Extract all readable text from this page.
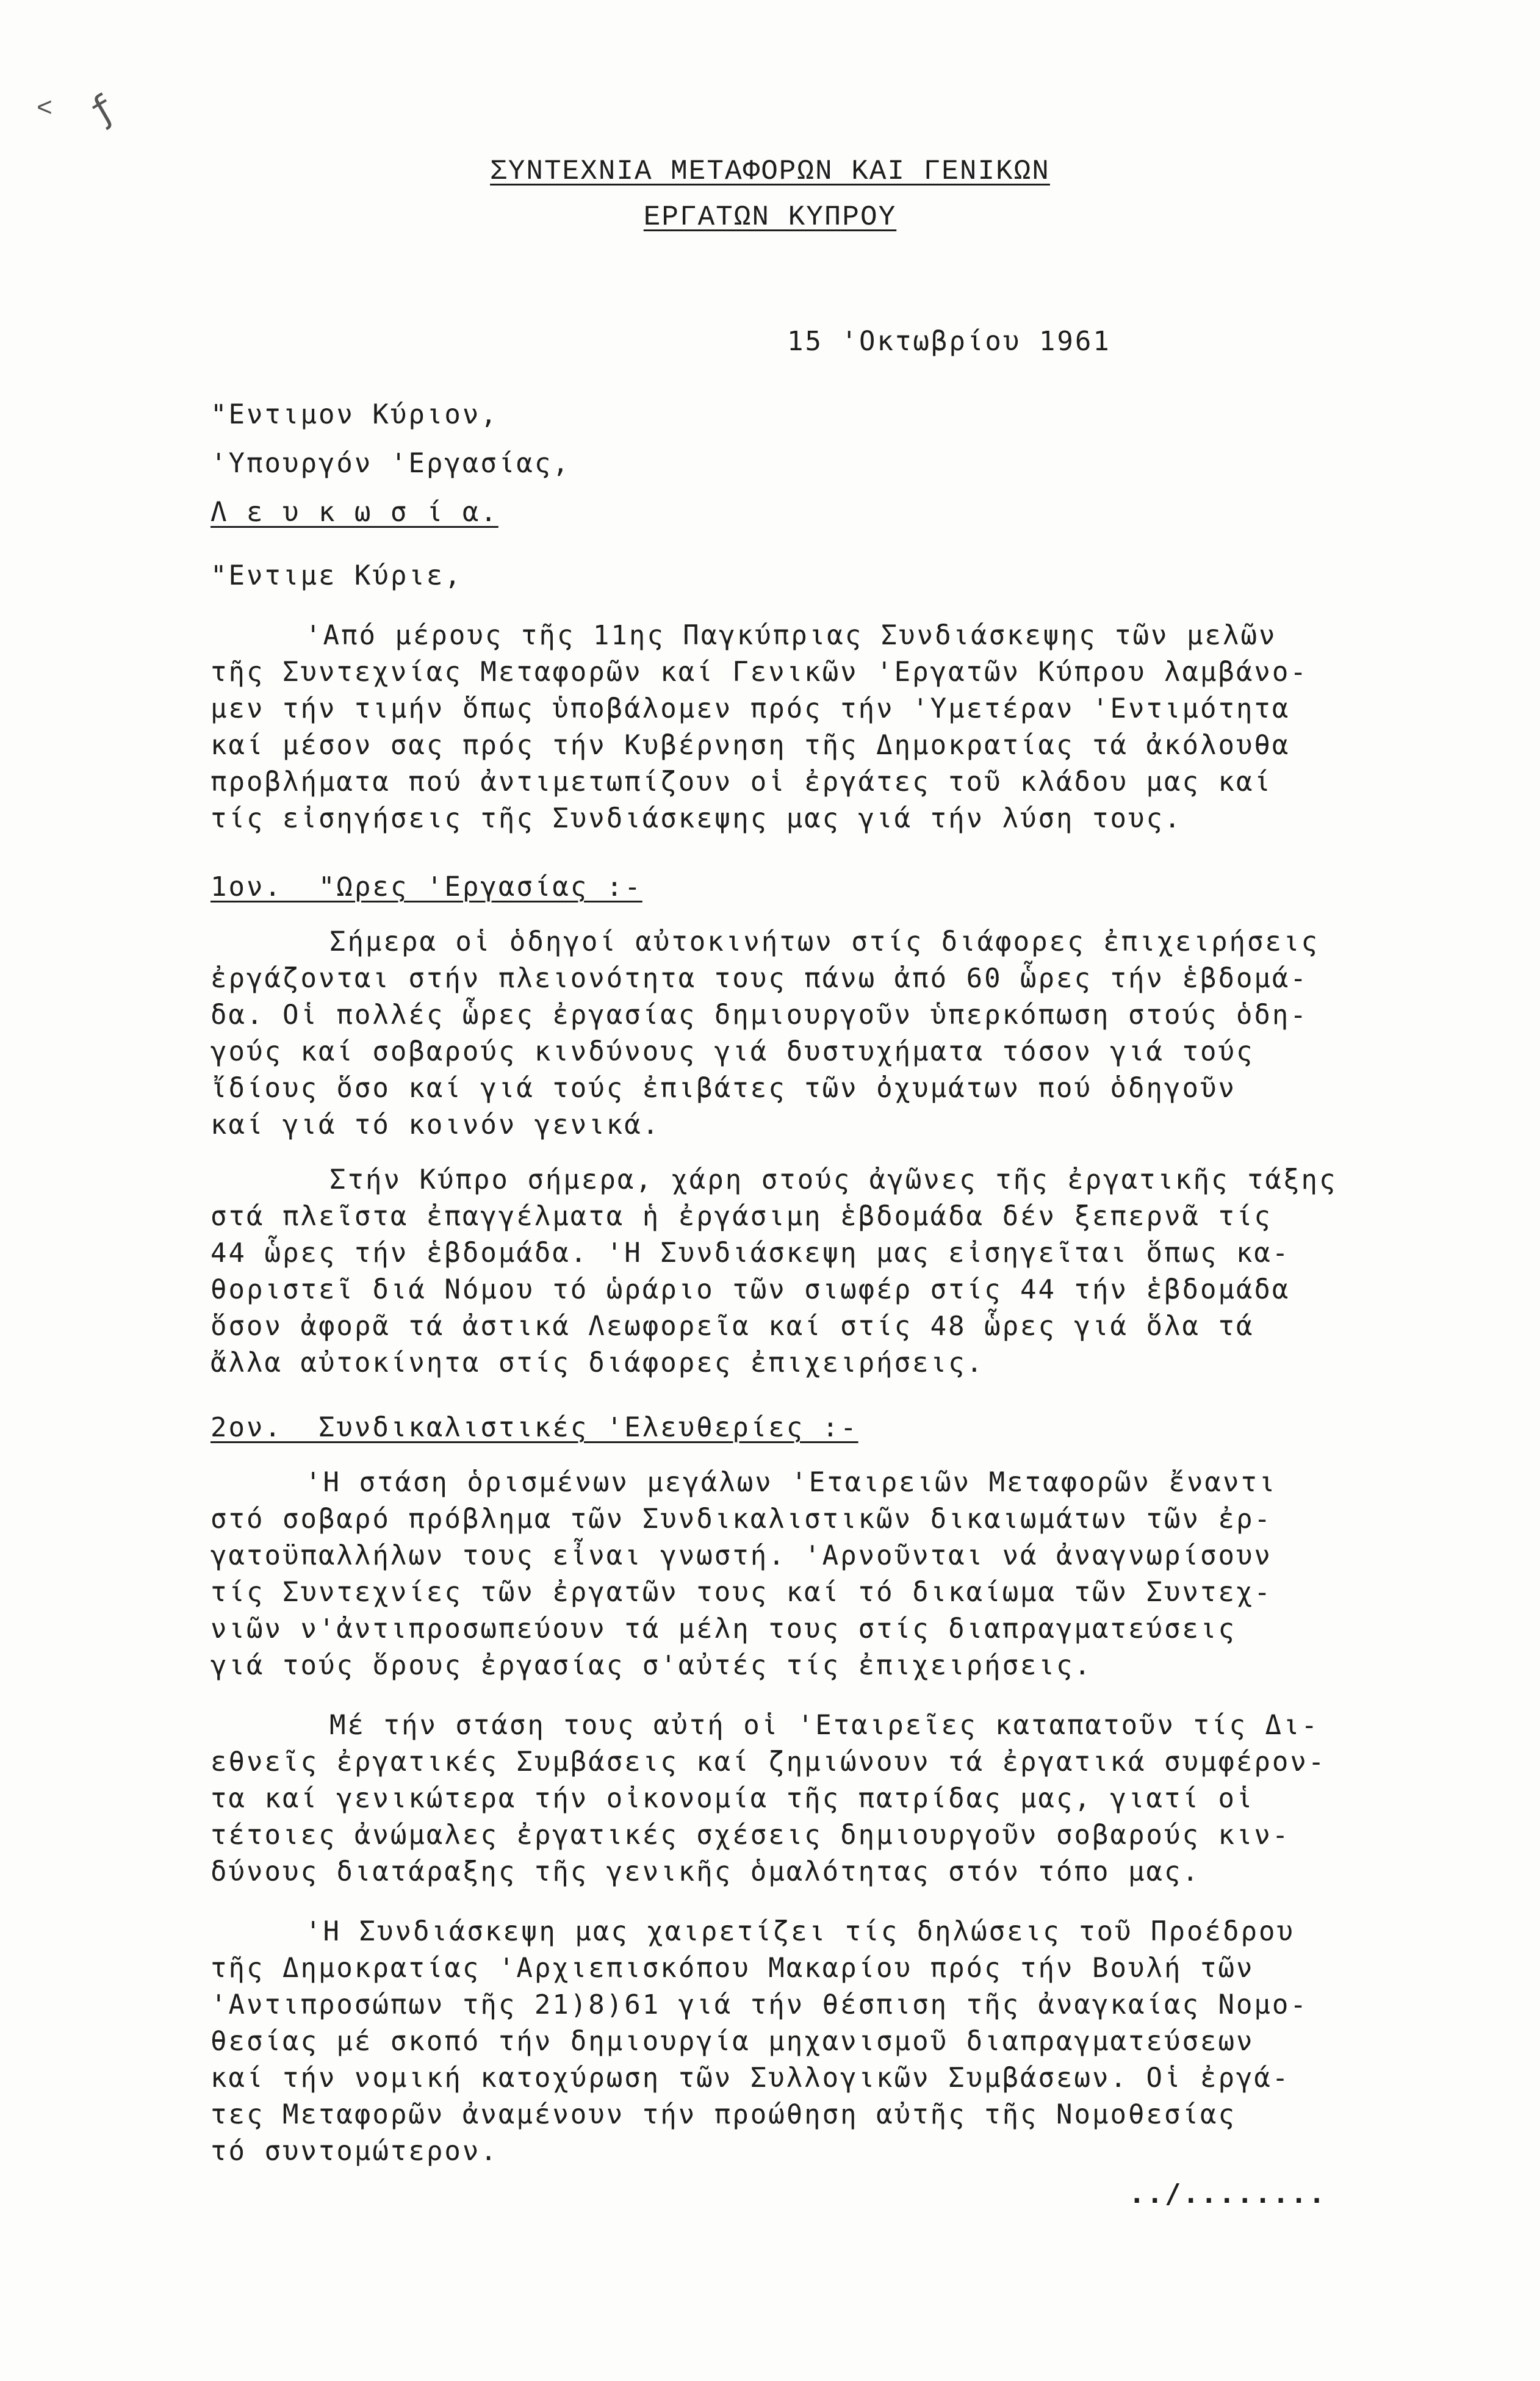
˂ ƒ
ΣΥΝΤΕΧΝΙΑ ΜΕΤΑΦΟΡΩΝ ΚΑΙ ΓΕΝΙΚΩΝ
ΕΡΓΑΤΩΝ ΚΥΠΡΟΥ
15 'Οκτωβρίου 1961
"Εντιμον Κύριον,
'Υπουργόν 'Εργασίας,
Λ ε υ κ ω σ ί α.
"Εντιμε Κύριε,
'Από μέρους τῆς 11ης Παγκύπριας Συνδιάσκεψης τῶν μελῶν
τῆς Συντεχνίας Μεταφορῶν καί Γενικῶν 'Εργατῶν Κύπρου λαμβάνο-
μεν τήν τιμήν ὅπως ὑποβάλομεν πρός τήν 'Υμετέραν 'Εντιμότητα
καί μέσον σας πρός τήν Κυβέρνηση τῆς Δημοκρατίας τά ἀκόλουθα
προβλήματα πού ἀντιμετωπίζουν οἱ ἐργάτες τοῦ κλάδου μας καί
τίς εἰσηγήσεις τῆς Συνδιάσκεψης μας γιά τήν λύση τους.
1ον.  "Ωρες 'Εργασίας :-
Σήμερα οἱ ὁδηγοί αὐτοκινήτων στίς διάφορες ἐπιχειρήσεις
ἐργάζονται στήν πλειονότητα τους πάνω ἀπό 60 ὧρες τήν ἑβδομά-
δα. Οἱ πολλές ὧρες ἐργασίας δημιουργοῦν ὑπερκόπωση στούς ὁδη-
γούς καί σοβαρούς κινδύνους γιά δυστυχήματα τόσον γιά τούς
ἴδίους ὅσο καί γιά τούς ἐπιβάτες τῶν ὀχυμάτων πού ὁδηγοῦν
καί γιά τό κοινόν γενικά.
Στήν Κύπρο σήμερα, χάρη στούς ἀγῶνες τῆς ἐργατικῆς τάξης
στά πλεῖστα ἐπαγγέλματα ἡ ἐργάσιμη ἑβδομάδα δέν ξεπερνᾶ τίς
44 ὧρες τήν ἑβδομάδα. 'Η Συνδιάσκεψη μας εἰσηγεῖται ὅπως κα-
θοριστεῖ διά Νόμου τό ὡράριο τῶν σιωφέρ στίς 44 τήν ἑβδομάδα
ὅσον ἀφορᾶ τά ἀστικά Λεωφορεῖα καί στίς 48 ὧρες γιά ὅλα τά
ἄλλα αὐτοκίνητα στίς διάφορες ἐπιχειρήσεις.
2ον.  Συνδικαλιστικές 'Ελευθερίες :-
'Η στάση ὁρισμένων μεγάλων 'Εταιρειῶν Μεταφορῶν ἔναντι
στό σοβαρό πρόβλημα τῶν Συνδικαλιστικῶν δικαιωμάτων τῶν ἐρ-
γατοϋπαλλήλων τους εἶναι γνωστή. 'Αρνοῦνται νά ἀναγνωρίσουν
τίς Συντεχνίες τῶν ἐργατῶν τους καί τό δικαίωμα τῶν Συντεχ-
νιῶν ν'ἀντιπροσωπεύουν τά μέλη τους στίς διαπραγματεύσεις
γιά τούς ὅρους ἐργασίας σ'αὐτές τίς ἐπιχειρήσεις.
Μέ τήν στάση τους αὐτή οἱ 'Εταιρεῖες καταπατοῦν τίς Δι-
εθνεῖς ἐργατικές Συμβάσεις καί ζημιώνουν τά ἐργατικά συμφέρον-
τα καί γενικώτερα τήν οἰκονομία τῆς πατρίδας μας, γιατί οἱ
τέτοιες ἀνώμαλες ἐργατικές σχέσεις δημιουργοῦν σοβαρούς κιν-
δύνους διατάραξης τῆς γενικῆς ὁμαλότητας στόν τόπο μας.
'Η Συνδιάσκεψη μας χαιρετίζει τίς δηλώσεις τοῦ Προέδρου
τῆς Δημοκρατίας 'Αρχιεπισκόπου Μακαρίου πρός τήν Βουλή τῶν
'Αντιπροσώπων τῆς 21)8)61 γιά τήν θέσπιση τῆς ἀναγκαίας Νομο-
θεσίας μέ σκοπό τήν δημιουργία μηχανισμοῦ διαπραγματεύσεων
καί τήν νομική κατοχύρωση τῶν Συλλογικῶν Συμβάσεων. Οἱ ἐργά-
τες Μεταφορῶν ἀναμένουν τήν προώθηση αὐτῆς τῆς Νομοθεσίας
τό συντομώτερον.
../........
